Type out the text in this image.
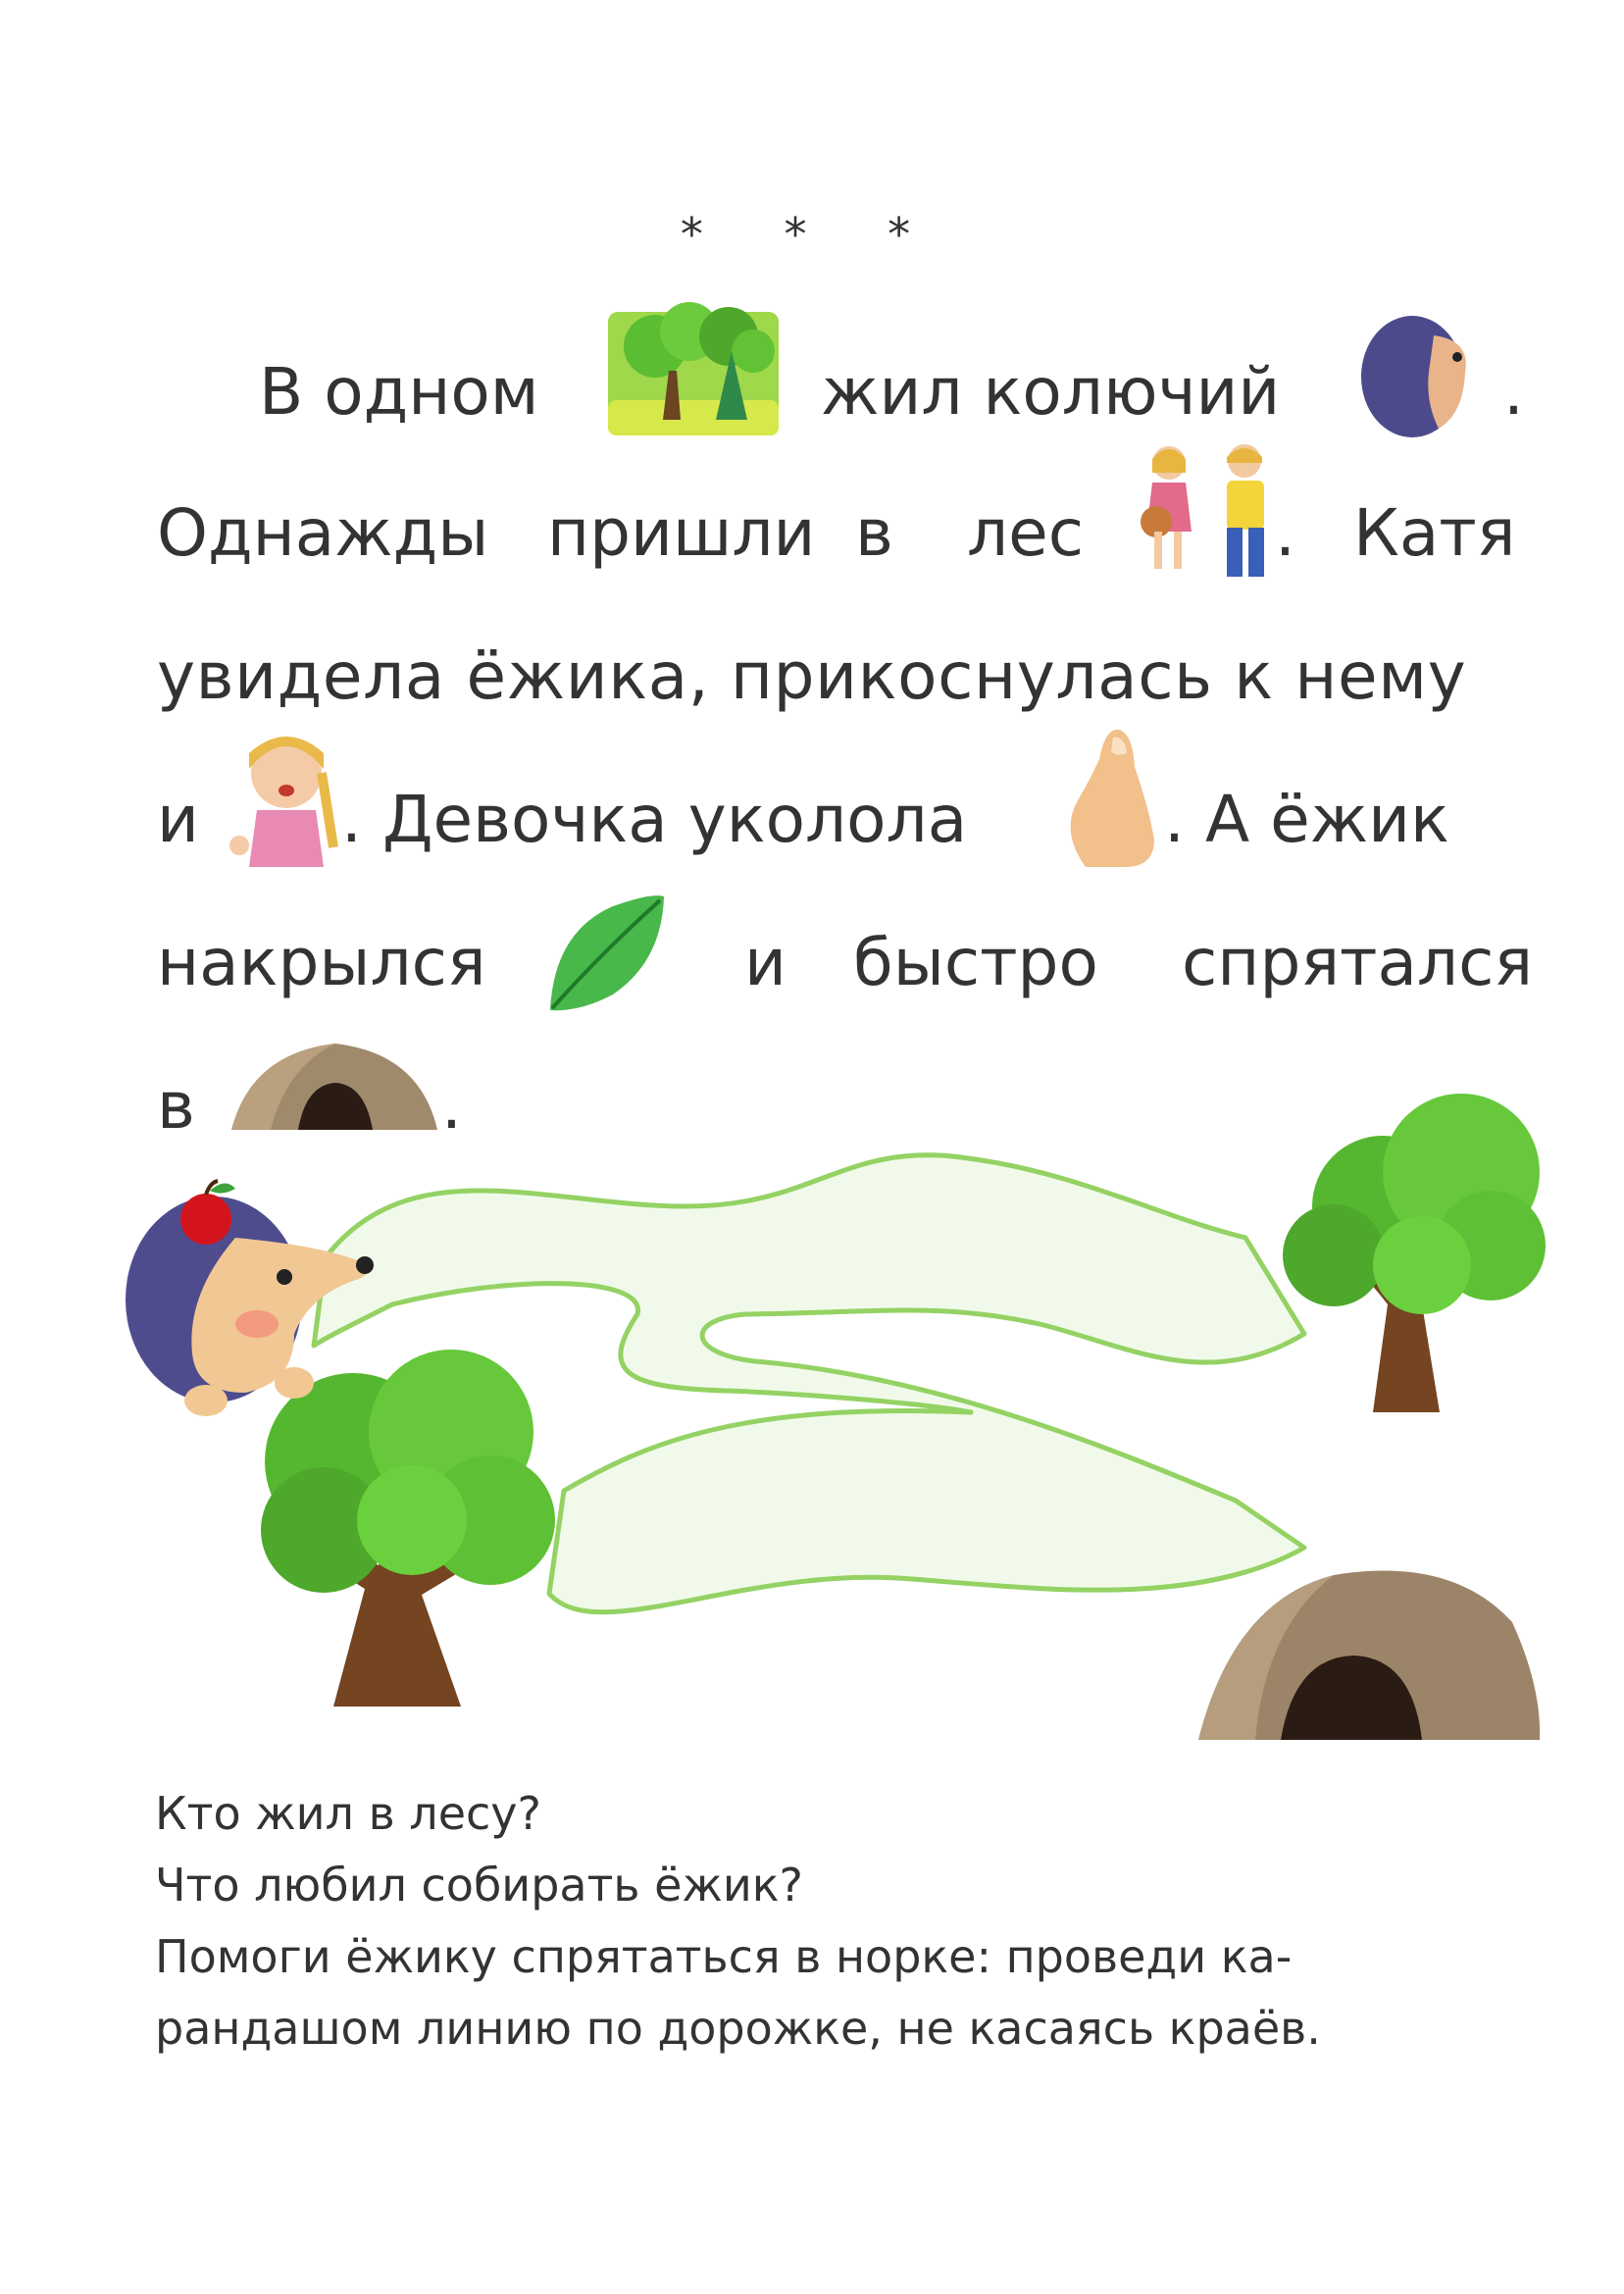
* * *
В одном	жил колючий	.
Однажды пришли в лес	. Катя
увидела ёжика, прикоснулась к нему
и . Девочка уколола	. А ёжик
накрылся	и быстро спрятался
в	.
Кто жил в лесу?
Что любил собирать ёжик?
Помоги ёжику спрятаться в норке: проведи ка-
рандашом линию по дорожке, не касаясь краёв.
